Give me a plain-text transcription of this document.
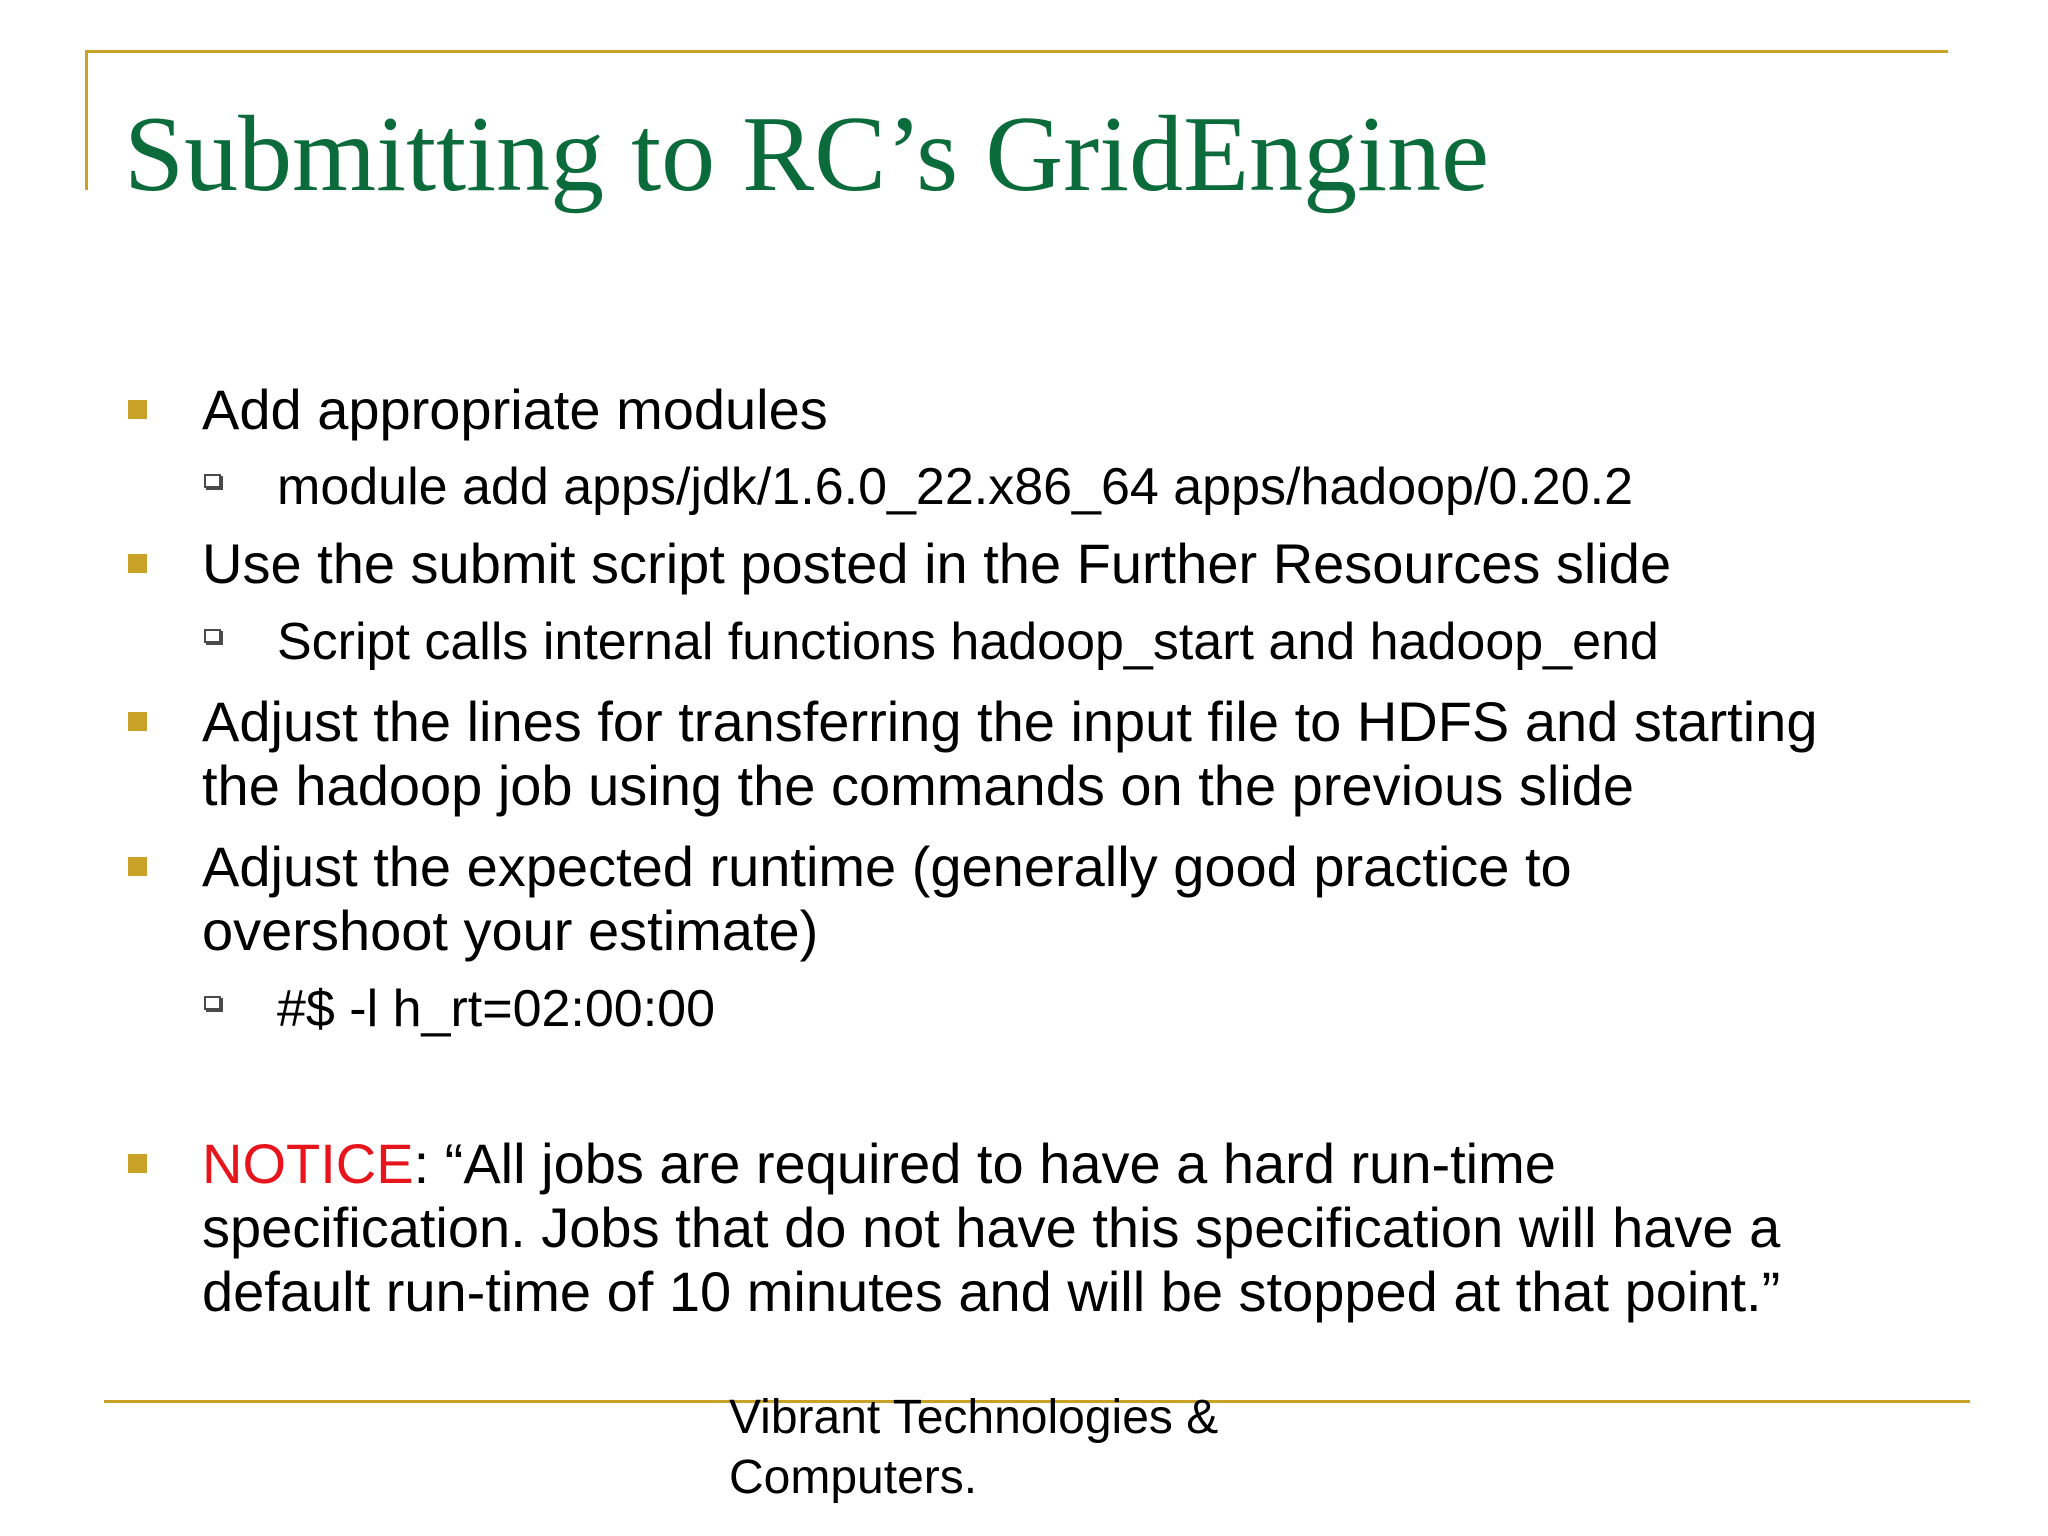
Submitting to RC’s GridEngine
Add appropriate modules
module add apps/jdk/1.6.0_22.x86_64 apps/hadoop/0.20.2
Use the submit script posted in the Further Resources slide
Script calls internal functions hadoop_start and hadoop_end
Adjust the lines for transferring the input file to HDFS and starting
the hadoop job using the commands on the previous slide
Adjust the expected runtime (generally good practice to
overshoot your estimate)
#$ -l h_rt=02:00:00
NOTICE: “All jobs are required to have a hard run-time
specification. Jobs that do not have this specification will have a
default run-time of 10 minutes and will be stopped at that point.”
Vibrant Technologies &
Computers.
